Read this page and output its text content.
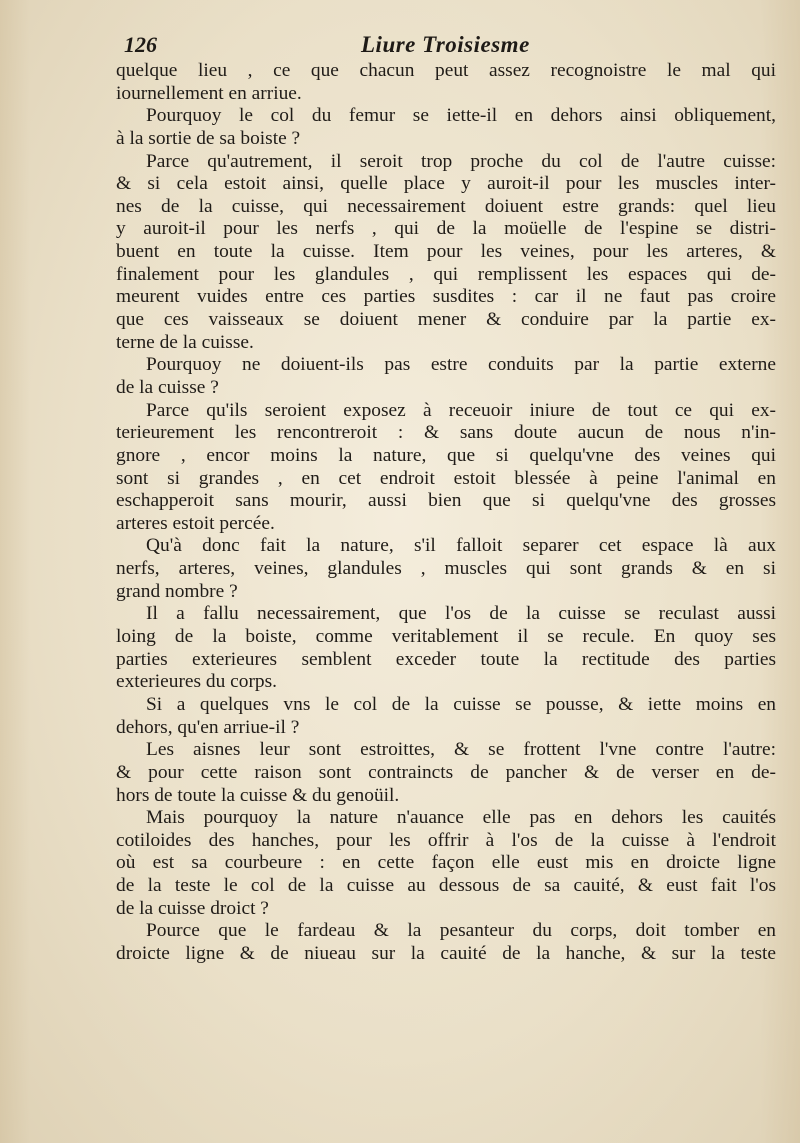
126	Liure Troisiesme
quelque lieu , ce que chacun peut assez recognoistre le mal qui
iournellement en arriue.
Pourquoy le col du femur se iette-il en dehors ainsi obliquement,
à la sortie de sa boiste ?
Parce qu'autrement, il seroit trop proche du col de l'autre cuisse:
& si cela estoit ainsi, quelle place y auroit-il pour les muscles inter-
nes de la cuisse, qui necessairement doiuent estre grands: quel lieu
y auroit-il pour les nerfs , qui de la moüelle de l'espine se distri-
buent en toute la cuisse. Item pour les veines, pour les arteres, &
finalement pour les glandules , qui remplissent les espaces qui de-
meurent vuides entre ces parties susdites : car il ne faut pas croire
que ces vaisseaux se doiuent mener & conduire par la partie ex-
terne de la cuisse.
Pourquoy ne doiuent-ils pas estre conduits par la partie externe
de la cuisse ?
Parce qu'ils seroient exposez à receuoir iniure de tout ce qui ex-
terieurement les rencontreroit : & sans doute aucun de nous n'in-
gnore , encor moins la nature, que si quelqu'vne des veines qui
sont si grandes , en cet endroit estoit blessée à peine l'animal en
eschapperoit sans mourir, aussi bien que si quelqu'vne des grosses
arteres estoit percée.
Qu'à donc fait la nature, s'il falloit separer cet espace là aux
nerfs, arteres, veines, glandules , muscles qui sont grands & en si
grand nombre ?
Il a fallu necessairement, que l'os de la cuisse se reculast aussi
loing de la boiste, comme veritablement il se recule. En quoy ses
parties exterieures semblent exceder toute la rectitude des parties
exterieures du corps.
Si a quelques vns le col de la cuisse se pousse, & iette moins en
dehors, qu'en arriue-il ?
Les aisnes leur sont estroittes, & se frottent l'vne contre l'autre:
& pour cette raison sont contraincts de pancher & de verser en de-
hors de toute la cuisse & du genoüil.
Mais pourquoy la nature n'auance elle pas en dehors les cauités
cotiloides des hanches, pour les offrir à l'os de la cuisse à l'endroit
où est sa courbeure : en cette façon elle eust mis en droicte ligne
de la teste le col de la cuisse au dessous de sa cauité, & eust fait l'os
de la cuisse droict ?
Pource que le fardeau & la pesanteur du corps, doit tomber en
droicte ligne & de niueau sur la cauité de la hanche, & sur la teste
